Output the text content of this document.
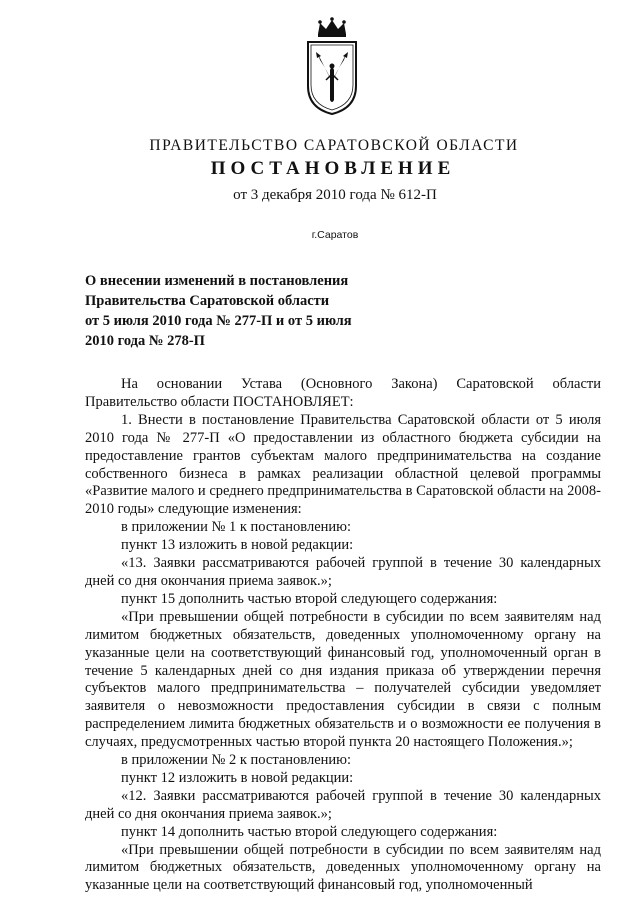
ПРАВИТЕЛЬСТВО САРАТОВСКОЙ ОБЛАСТИ
ПОСТАНОВЛЕНИЕ
от 3 декабря 2010 года № 612-П
г.Саратов
О внесении изменений в постановления
Правительства Саратовской области
от 5 июля 2010 года № 277-П и от 5 июля
2010 года № 278-П

На основании Устава (Основного Закона) Саратовской области

Правительство области ПОСТАНОВЛЯЕТ:

1. Внести в постановление Правительства Саратовской области от 5 июля 2010 года № 277-П «О предоставлении из областного бюджета субсидии на предоставление грантов субъектам малого предпринимательства на создание собственного бизнеса в рамках реализации областной целевой программы «Развитие малого и среднего предпринимательства в Саратовской области на 2008-2010 годы» следующие изменения:

в приложении № 1 к постановлению:

пункт 13 изложить в новой редакции:

«13. Заявки рассматриваются рабочей группой в течение 30 календарных дней со дня окончания приема заявок.»;

пункт 15 дополнить частью второй следующего содержания:

«При превышении общей потребности в субсидии по всем заявителям над лимитом бюджетных обязательств, доведенных уполномоченному органу на указанные цели на соответствующий финансовый год, уполномоченный орган в течение 5 календарных дней со дня издания приказа об утверждении перечня субъектов малого предпринимательства – получателей субсидии уведомляет заявителя о невозможности предоставления субсидии в связи с полным распределением лимита бюджетных обязательств и о возможности ее получения в случаях, предусмотренных частью второй пункта 20 настоящего Положения.»;

в приложении № 2 к постановлению:

пункт 12 изложить в новой редакции:

«12. Заявки рассматриваются рабочей группой в течение 30 календарных дней со дня окончания приема заявок.»;

пункт 14 дополнить частью второй следующего содержания:

«При превышении общей потребности в субсидии по всем заявителям над лимитом бюджетных обязательств, доведенных уполномоченному органу на указанные цели на соответствующий финансовый год, уполномоченный
